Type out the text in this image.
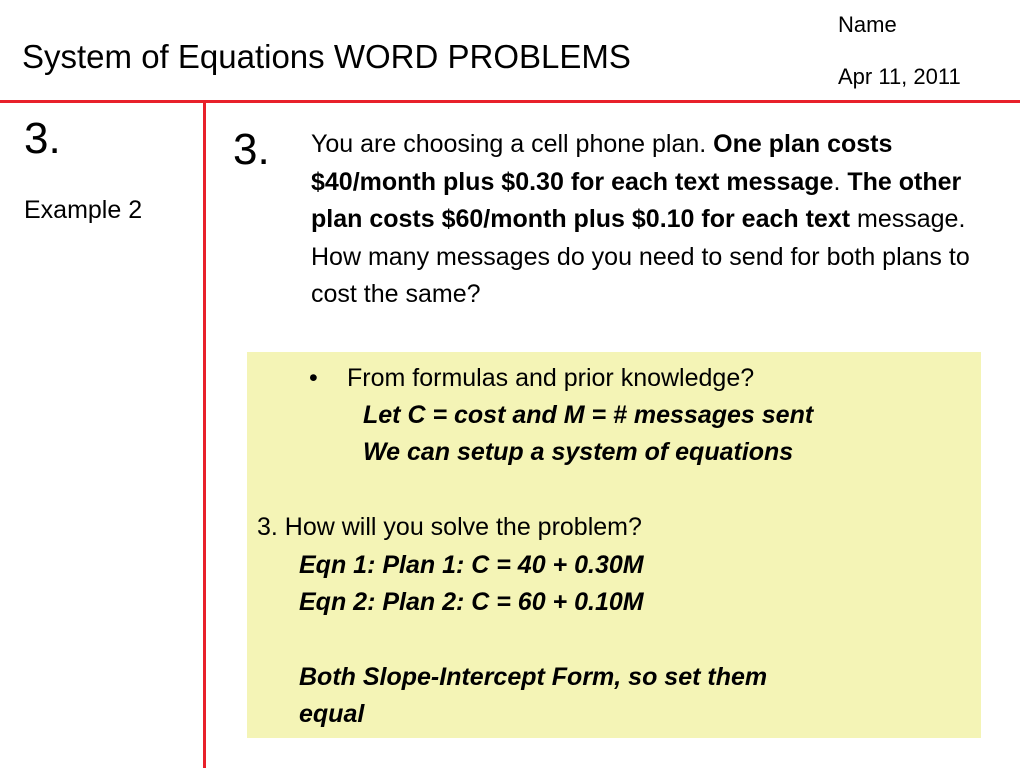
System of Equations WORD PROBLEMS
Name
Apr 11, 2011
3.
Example 2
3. You are choosing a cell phone plan. One plan costs $40/month plus $0.30 for each text message. The other plan costs $60/month plus $0.10 for each text message. How many messages do you need to send for both plans to cost the same?
• From formulas and prior knowledge?
Let C = cost and M = # messages sent
We can setup a system of equations
3. How will you solve the problem?
Eqn 1: Plan 1: C = 40 + 0.30M
Eqn 2: Plan 2: C = 60 + 0.10M
Both Slope-Intercept Form, so set them
equal
